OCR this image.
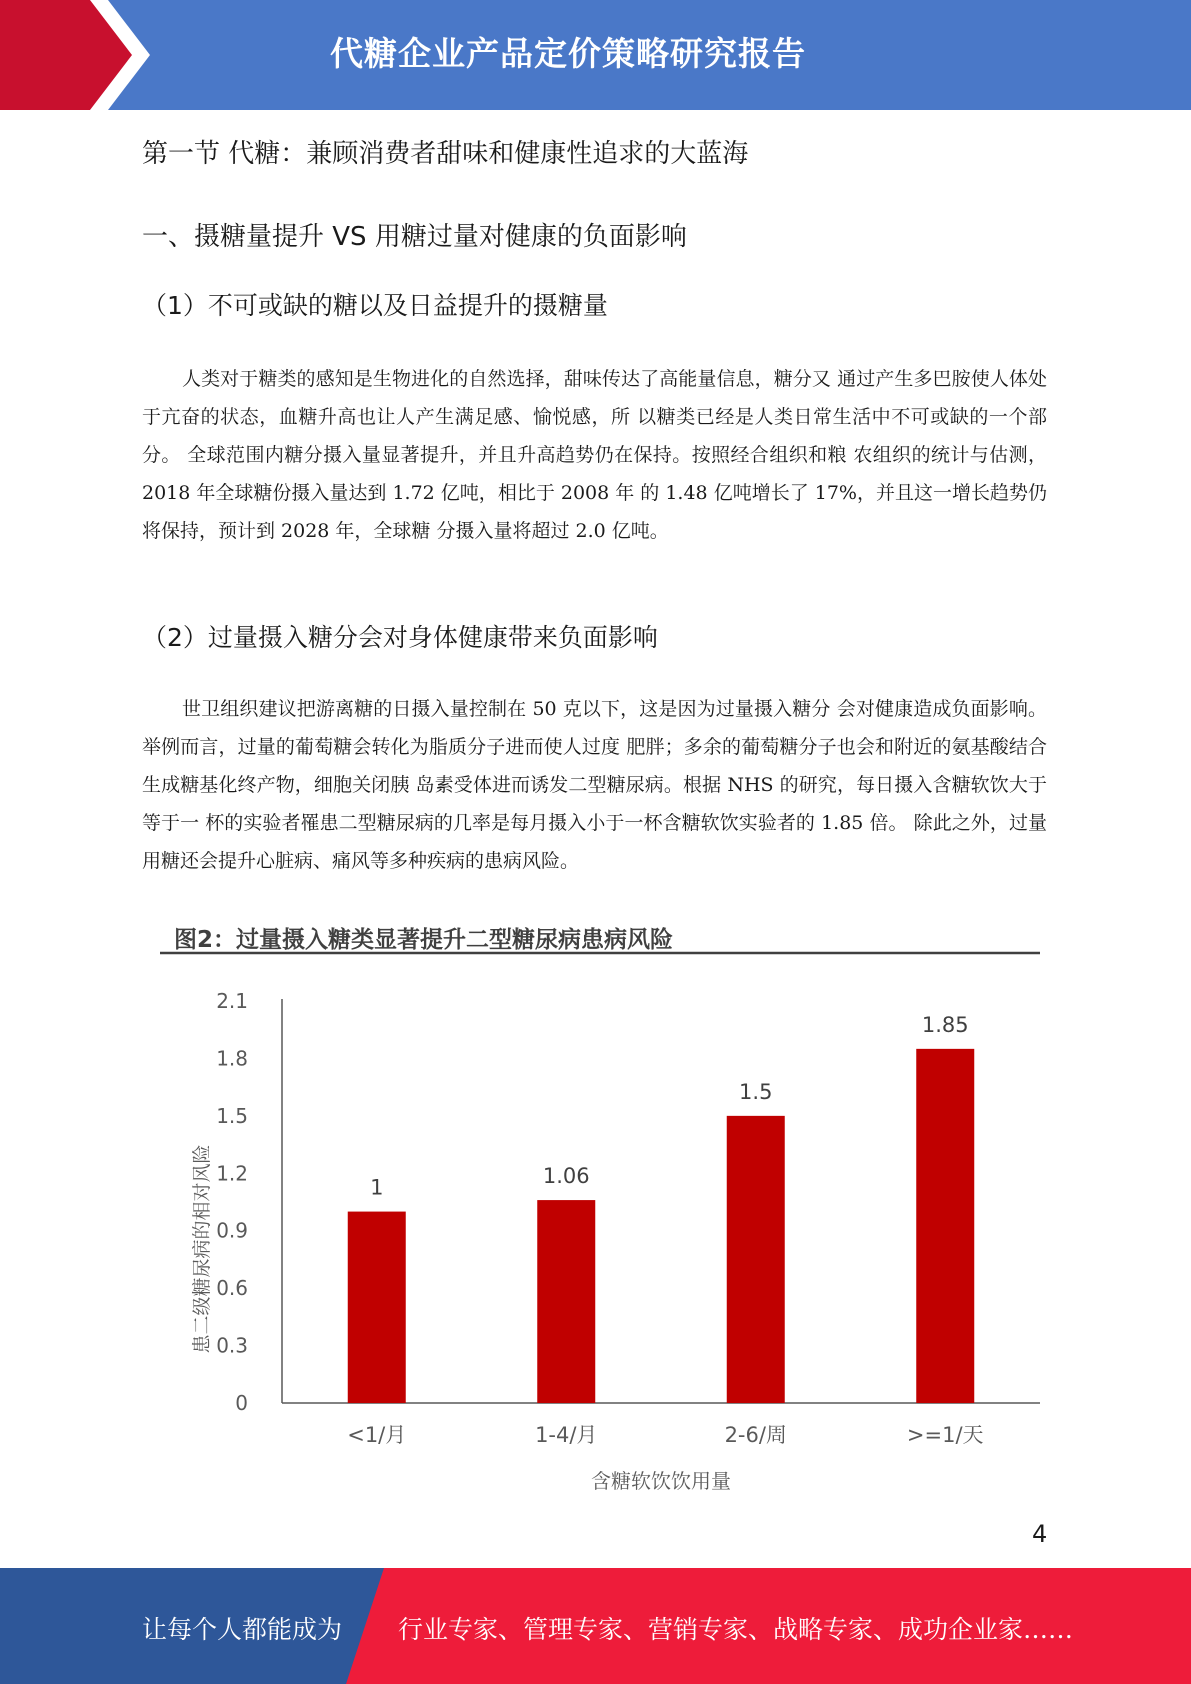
代糖企业产品定价策略研究报告
第一节 代糖：兼顾消费者甜味和健康性追求的大蓝海
一、摄糖量提升 VS 用糖过量对健康的负面影响
（1）不可或缺的糖以及日益提升的摄糖量

人类对于糖类的感知是生物进化的自然选择，甜味传达了高能量信息，糖分又 通过产生多巴胺使人体处于亢奋的状态，血糖升高也让人产生满足感、愉悦感，所 以糖类已经是人类日常生活中不可或缺的一个部分。 全球范围内糖分摄入量显著提升，并且升高趋势仍在保持。按照经合组织和粮 农组织的统计与估测，2018 年全球糖份摄入量达到 1.72 亿吨，相比于 2008 年 的 1.48 亿吨增长了 17%，并且这一增长趋势仍将保持，预计到 2028 年，全球糖 分摄入量将超过 2.0 亿吨。

（2）过量摄入糖分会对身体健康带来负面影响

世卫组织建议把游离糖的日摄入量控制在 50 克以下，这是因为过量摄入糖分 会对健康造成负面影响。举例而言，过量的葡萄糖会转化为脂质分子进而使人过度 肥胖；多余的葡萄糖分子也会和附近的氨基酸结合生成糖基化终产物，细胞关闭胰 岛素受体进而诱发二型糖尿病。根据 NHS 的研究，每日摄入含糖软饮大于等于一 杯的实验者罹患二型糖尿病的几率是每月摄入小于一杯含糖软饮实验者的 1.85 倍。 除此之外，过量用糖还会提升心脏病、痛风等多种疾病的患病风险。

图2：过量摄入糖类显著提升二型糖尿病患病风险
0
0.3
0.6
0.9
1.2
1.5
1.8
2.1
1
<1/月
1.06
1-4/月
1.5
2-6/周
1.85
>=1/天
患二级糖尿病的相对风险
含糖软饮饮用量
4
让每个人都能成为 行业专家、管理专家、营销专家、战略专家、成功企业家……
